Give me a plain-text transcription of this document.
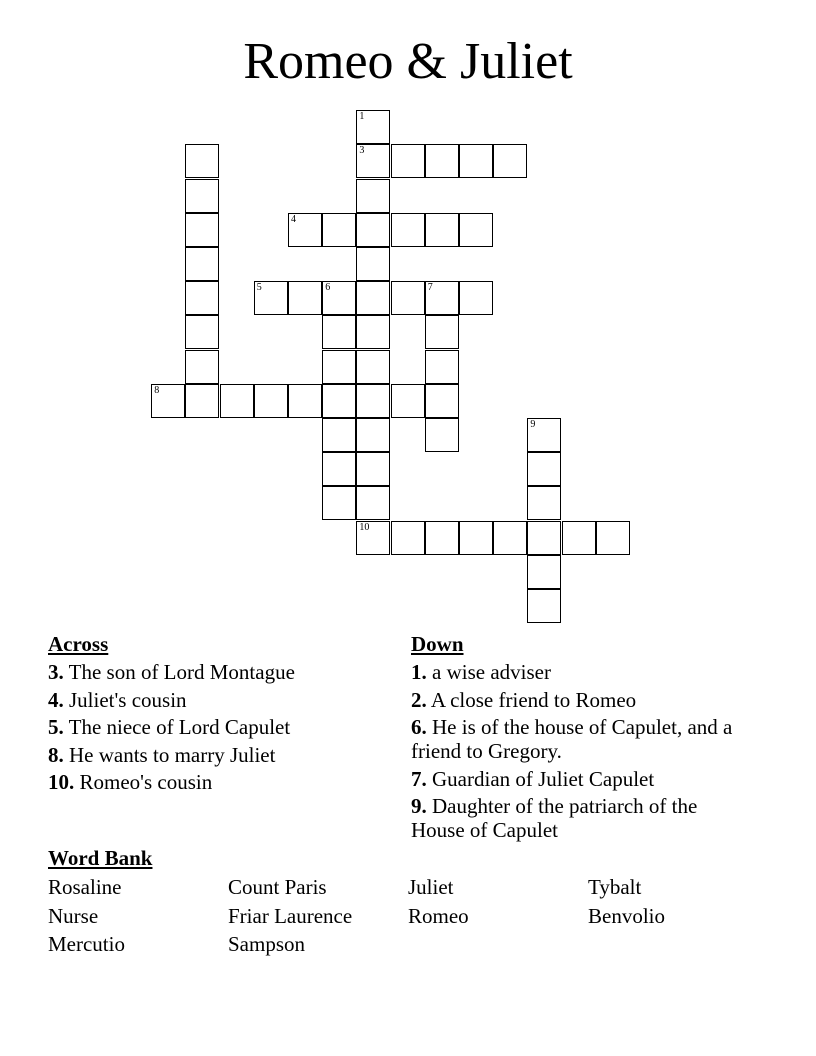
Romeo & Juliet
1
3
4
5	6	7
8
9
10
Across
3. The son of Lord Montague
4. Juliet's cousin
5. The niece of Lord Capulet
8. He wants to marry Juliet
10. Romeo's cousin
Down
1. a wise adviser
2. A close friend to Romeo
6. He is of the house of Capulet, and a friend to Gregory.
7. Guardian of Juliet Capulet
9. Daughter of the patriarch of the House of Capulet
Word Bank
Rosaline	Count Paris	Juliet	Tybalt
Nurse	Friar Laurence	Romeo	Benvolio
Mercutio	Sampson
